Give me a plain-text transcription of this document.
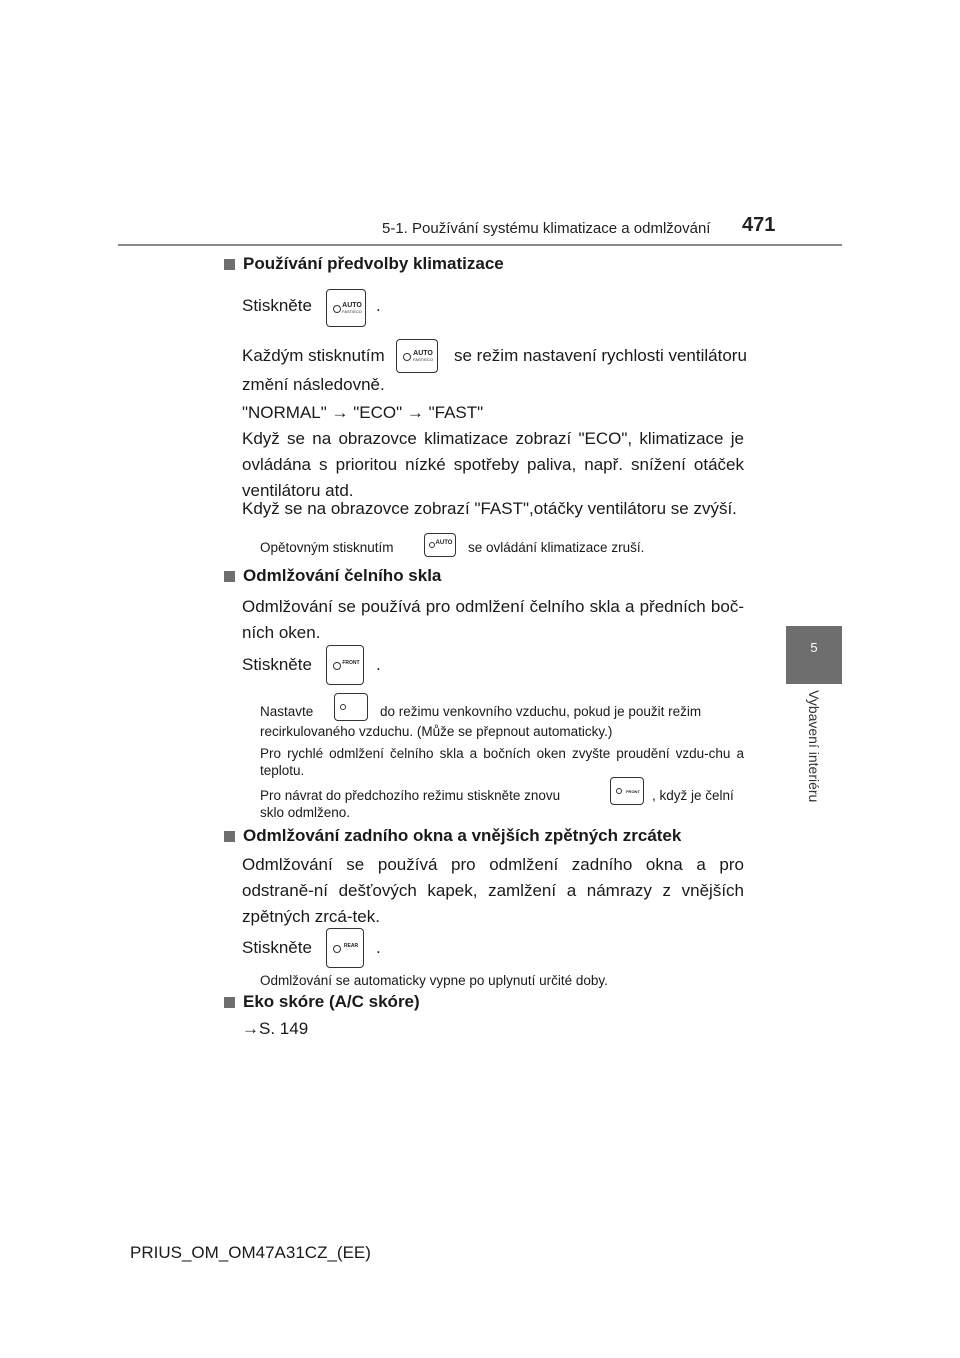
5-1. Používání systému klimatizace a odmlžování 471
5
Vybavení interiéru
Používání předvolby klimatizace
Stiskněte	AUTO
FAST/ECO .
Každým stisknutím	AUTO
FAST/ECO se režim nastavení rychlosti ventilátoru
změní následovně.
"NORMAL" → "ECO" → "FAST"
Když se na obrazovce klimatizace zobrazí "ECO", klimatizace je ovládána s prioritou nízké spotřeby paliva, např. snížení otáček ventilátoru atd.
Když se na obrazovce zobrazí "FAST",otáčky ventilátoru se zvýší.
Opětovným stisknutím	AUTO se ovládání klimatizace zruší.
Odmlžování čelního skla
Odmlžování se používá pro odmlžení čelního skla a předních boč-ních oken.
Stiskněte	FRONT .
Nastavte	do režimu venkovního vzduchu, pokud je použit režim
recirkulovaného vzduchu. (Může se přepnout automaticky.)
Pro rychlé odmlžení čelního skla a bočních oken zvyšte proudění vzdu-chu a teplotu.
Pro návrat do předchozího režimu stiskněte znovu	FRONT , když je čelní
sklo odmlženo.
Odmlžování zadního okna a vnějších zpětných zrcátek
Odmlžování se používá pro odmlžení zadního okna a pro odstraně-ní dešťových kapek, zamlžení a námrazy z vnějších zpětných zrcá-tek.
Stiskněte	REAR .
Odmlžování se automaticky vypne po uplynutí určité doby.
Eko skóre (A/C skóre)
→S. 149
PRIUS_OM_OM47A31CZ_(EE)
